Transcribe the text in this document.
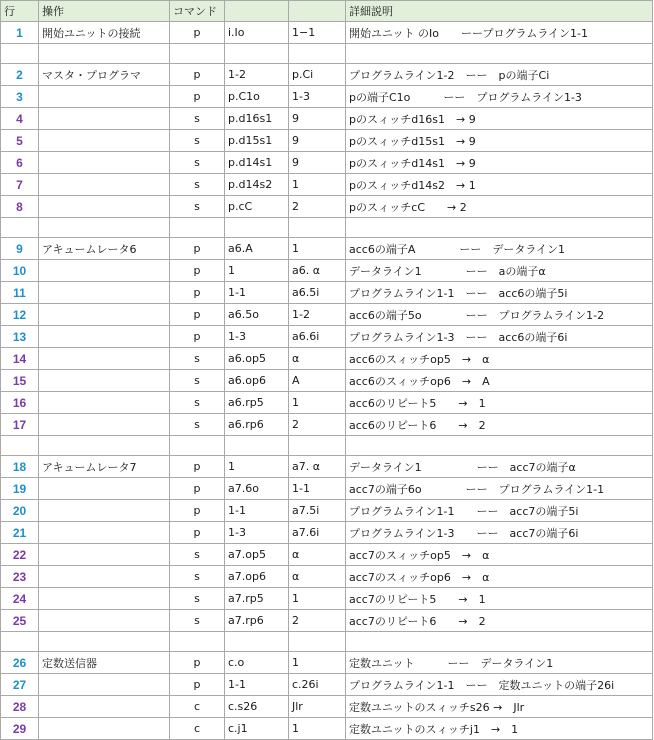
行	操作	コマンド			詳細説明
1	開始ユニットの接続	p	i.Io	1−1	開始ユニット のIo　　ーープログラムライン1-1

2	マスタ・プログラマ	p	1-2	p.Ci	プログラムライン1-2　ーー　pの端子Ci
3		p	p.C1o	1-3	pの端子C1o　　　ーー　プログラムライン1-3
4		s	p.d16s1	9	pのスィッチd16s1　→ 9
5		s	p.d15s1	9	pのスィッチd15s1　→ 9
6		s	p.d14s1	9	pのスィッチd14s1　→ 9
7		s	p.d14s2	1	pのスィッチd14s2　→ 1
8		s	p.cC	2	pのスィッチcC　　→ 2

9	アキュームレータ6	p	a6.A	1	acc6の端子A　　　　ーー　データライン1
10		p	1	a6. α	データライン1　　　　ーー　aの端子α
11		p	1-1	a6.5i	プログラムライン1-1　ーー　acc6の端子5i
12		p	a6.5o	1-2	acc6の端子5o　　　　ーー　プログラムライン1-2
13		p	1-3	a6.6i	プログラムライン1-3　ーー　acc6の端子6i
14		s	a6.op5	α	acc6のスィッチop5　→　α
15		s	a6.op6	A	acc6のスィッチop6　→　A
16		s	a6.rp5	1	acc6のリピート5　　→　1
17		s	a6.rp6	2	acc6のリピート6　　→　2

18	アキュームレータ7	p	1	a7. α	データライン1　　　　　ーー　acc7の端子α
19		p	a7.6o	1-1	acc7の端子6o　　　　ーー　プログラムライン1-1
20		p	1-1	a7.5i	プログラムライン1-1　　ーー　acc7の端子5i
21		p	1-3	a7.6i	プログラムライン1-3　　ーー　acc7の端子6i
22		s	a7.op5	α	acc7のスィッチop5　→　α
23		s	a7.op6	α	acc7のスィッチop6　→　α
24		s	a7.rp5	1	acc7のリピート5　　→　1
25		s	a7.rp6	2	acc7のリピート6　　→　2

26	定数送信器	p	c.o	1	定数ユニット　　　ーー　データライン1
27		p	1-1	c.26i	プログラムライン1-1　ーー　定数ユニットの端子26i
28		c	c.s26	Jlr	定数ユニットのスィッチs26 →　Jlr
29		c	c.j1	1	定数ユニットのスィッチj1　→　1
